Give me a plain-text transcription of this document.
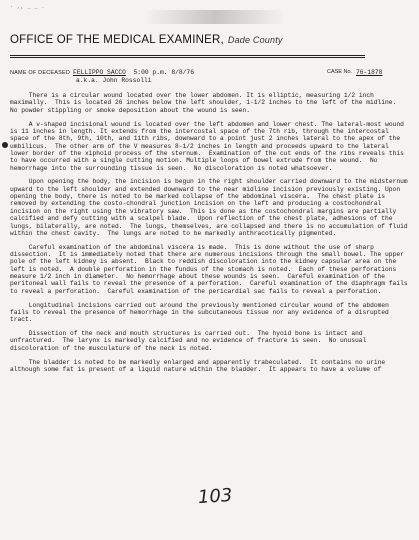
· ,, _ _ .
OFFICE OF THE MEDICAL EXAMINER, Dade County
NAME OF DECEASED FELLIPPO SACCO 5:00 p.m. 8/8/76	CASE No. 76-1878
a.k.a. John Rossolli

There is a circular wound located over the lower abdomen. It is elliptic, measuring 1/2 inch maximally.  This is located 26 inches below the left shoulder, 1-1/2 inches to the left of the midline.  No powder stippling or smoke deposition about the wound is seen.

A v-shaped incisional wound is located over the left abdomen and lower chest. The lateral-most wound is 11 inches in length. It extends from the intercostal space of the 7th rib, through the intercostal space of the 8th, 9th, 10th, and 11th ribs, downward to a point just 2 inches lateral to the apex of the umbilicus.  The other arm of the V measures 8-1/2 inches in length and proceeds upward to the lateral lower border of the xiphoid process of the sternum.  Examination of the cut ends of the ribs reveals this to have occurred with a single cutting motion. Multiple loops of bowel extrude from the wound.  No hemorrhage into the surrounding tissue is seen.  No discoloration is noted whatsoever.

Upon opening the body, the incision is begun in the right shoulder carried downward to the midsternum upward to the left shoulder and extended downward to the near midline incision previously existing. Upon opening the body, there is noted to be marked collapse of the abdominal viscera.  The chest plate is removed by extending the costo-chondral junction incision on the left and producing a costochondral incision on the right using the vibratory saw.  This is done as the costochondral margins are partially calcified and defy cutting with a scalpel blade.  Upon reflection of the chest plate, adhesions of the lungs, bilaterally, are noted.  The lungs, themselves, are collapsed and there is no accumulation of fluid within the chest cavity.  The lungs are noted to be markedly anthracotically pigmented.

Careful examination of the abdominal viscera is made.  This is done without the use of sharp dissection.  It is immediately noted that there are numerous incisions through the small bowel. The upper pole of the left kidney is absent.  Black to reddish discoloration into the kidney capsular area on the left is noted.  A double perforation in the fundus of the stomach is noted.  Each of these perforations measure 1/2 inch in diameter.  No hemorrhage about these wounds is seen.  Careful examination of the peritoneal wall fails to reveal the presence of a perforation.  Careful examination of the diaphragm fails to reveal a perforation.  Careful examination of the pericardial sac fails to reveal a perforation.

Longitudinal incisions carried out around the previously mentioned circular wound of the abdomen fails to reveal the presence of hemorrhage in the subcutaneous tissue nor any evidence of a disrupted tract.

Dissection of the neck and mouth structures is carried out.  The hyoid bone is intact and unfractured.  The larynx is markedly calcified and no evidence of fracture is seen.  No unusual discoloration of the musculature of the neck is noted.

The bladder is noted to be markedly enlarged and apparently trabeculated.  It contains no urine although some fat is present of a liquid nature within the bladder.  It appears to have a volume of

103
